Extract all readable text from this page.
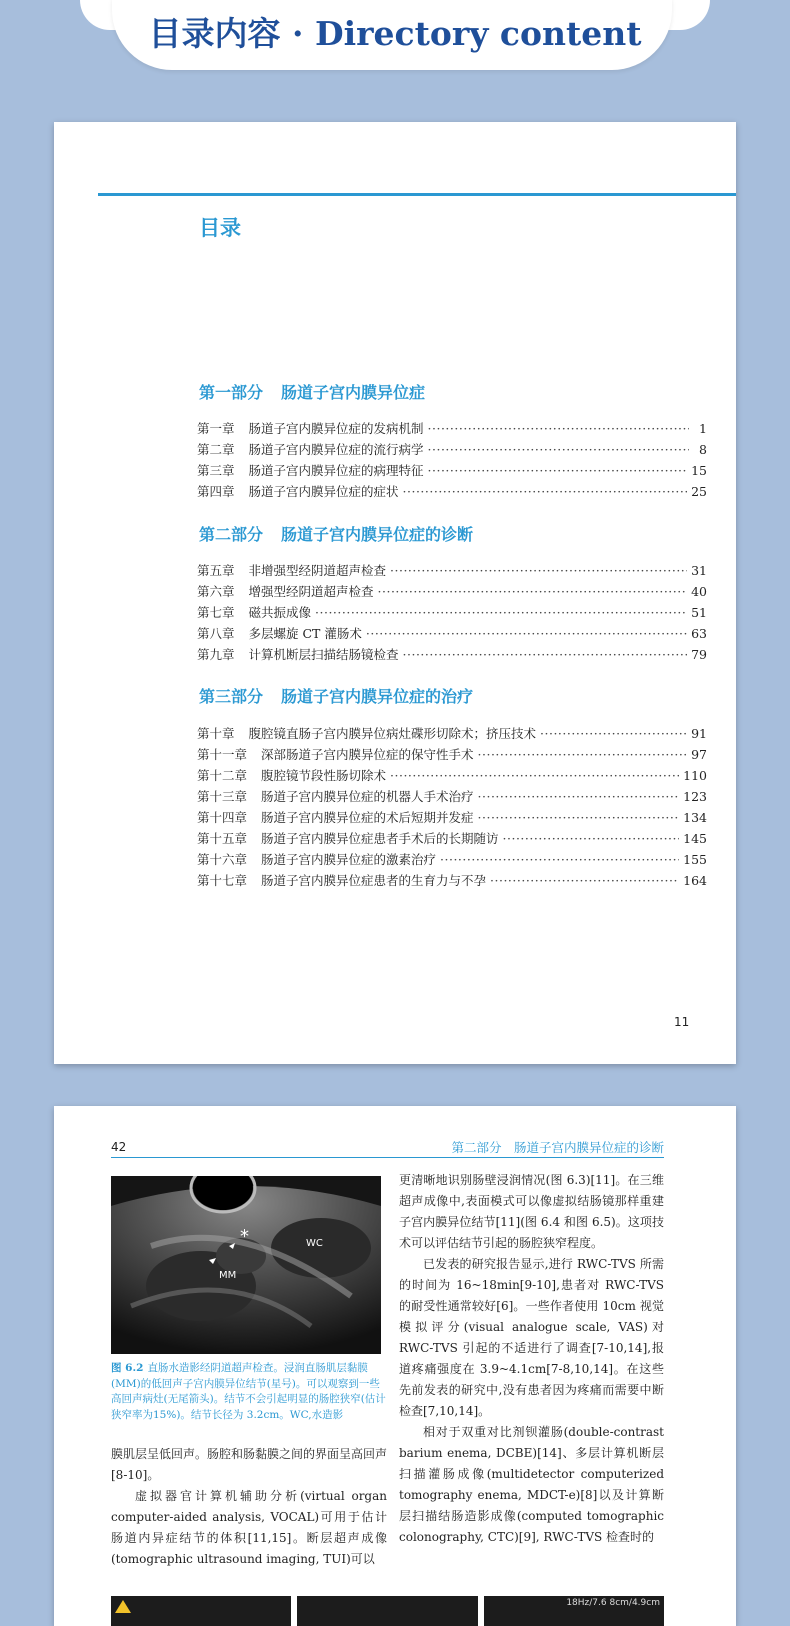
目录内容 · Directory content
目录
第一部分 肠道子宫内膜异位症
第一章 肠道子宫内膜异位症的发病机制 ·····	1
第二章 肠道子宫内膜异位症的流行病学 ·····	8
第三章 肠道子宫内膜异位症的病理特征 ·····	15
第四章 肠道子宫内膜异位症的症状 ·····	25
第二部分 肠道子宫内膜异位症的诊断
第五章 非增强型经阴道超声检查 ·····	31
第六章 增强型经阴道超声检查 ·····	40
第七章 磁共振成像 ·····	51
第八章 多层螺旋 CT 灌肠术 ·····	63
第九章 计算机断层扫描结肠镜检查 ·····	79
第三部分 肠道子宫内膜异位症的治疗
第十章 腹腔镜直肠子宫内膜异位病灶碟形切除术；挤压技术 ·····	91
第十一章 深部肠道子宫内膜异位症的保守性手术 ·····	97
第十二章 腹腔镜节段性肠切除术 ·····	110
第十三章 肠道子宫内膜异位症的机器人手术治疗 ·····	123
第十四章 肠道子宫内膜异位症的术后短期并发症 ·····	134
第十五章 肠道子宫内膜异位症患者手术后的长期随访 ·····	145
第十六章 肠道子宫内膜异位症的激素治疗 ·····	155
第十七章 肠道子宫内膜异位症患者的生育力与不孕 ·····	164
11
42	第二部分　肠道子宫内膜异位症的诊断
*	WC
MM
图 6.2 直肠水造影经阴道超声检查。浸润直肠肌层黏膜(MM)的低回声子宫内膜异位结节(星号)。可以观察到一些高回声病灶(无尾箭头)。结节不会引起明显的肠腔狭窄(估计狭窄率为15%)。结节长径为 3.2cm。WC,水造影
膜肌层呈低回声。肠腔和肠黏膜之间的界面呈高回声[8-10]。
虚拟器官计算机辅助分析(virtual organ computer-aided analysis, VOCAL)可用于估计肠道内异症结节的体积[11,15]。断层超声成像(tomographic ultrasound imaging, TUI)可以
更清晰地识别肠壁浸润情况(图 6.3)[11]。在三维超声成像中,表面模式可以像虚拟结肠镜那样重建子宫内膜异位结节[11](图 6.4 和图 6.5)。这项技术可以评估结节引起的肠腔狭窄程度。
已发表的研究报告显示,进行 RWC-TVS 所需的时间为 16~18min[9-10],患者对 RWC-TVS 的耐受性通常较好[6]。一些作者使用 10cm 视觉模拟评分(visual analogue scale, VAS)对 RWC-TVS 引起的不适进行了调查[7-10,14],报道疼痛强度在 3.9~4.1cm[7-8,10,14]。在这些先前发表的研究中,没有患者因为疼痛而需要中断检查[7,10,14]。
相对于双重对比剂钡灌肠(double-contrast barium enema, DCBE)[14]、多层计算机断层扫描灌肠成像(multidetector computerized tomography enema, MDCT-e)[8]以及计算断层扫描结肠造影成像(computed tomographic colonography, CTC)[9], RWC-TVS 检查时的
18Hz/7.6 8cm/4.9cm
